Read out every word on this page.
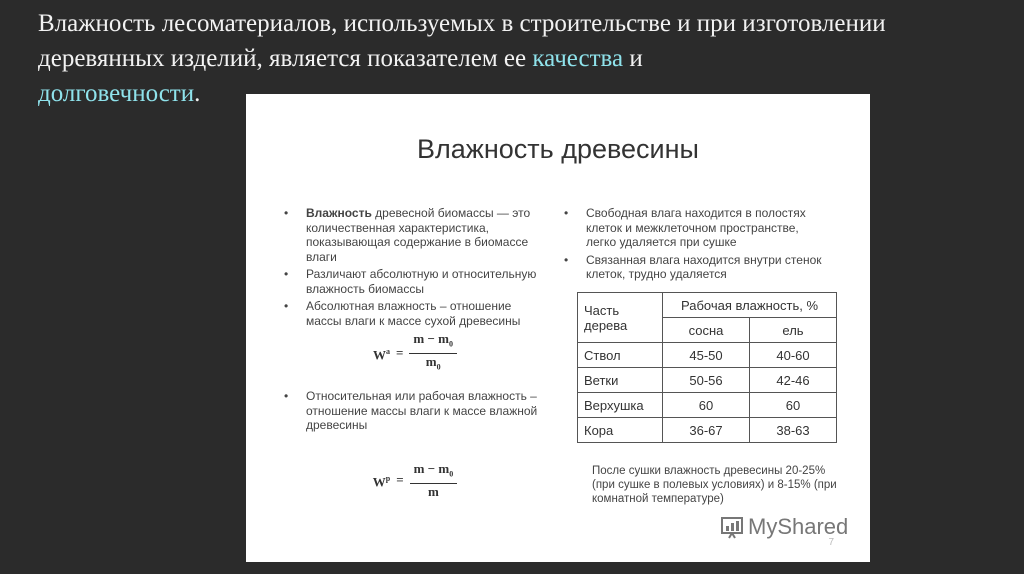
Влажность лесоматериалов, используемых в строительстве и при изготовлении деревянных изделий, является показателем ее качества и
долговечности.
Влажность древесины
• Влажность древесной биомассы — это количественная характеристика, показывающая содержание в биомассе влаги
• Различают абсолютную и относительную влажность биомассы
• Абсолютная влажность – отношение массы влаги к массе сухой древесины
$W^a = \frac{m - m_0}{m_0}$
• Относительная или рабочая влажность – отношение массы влаги к массе влажной древесины
$W^p = \frac{m - m_0}{m}$
• Свободная влага находится в полостях клеток и межклеточном пространстве, легко удаляется при сушке
• Связанная влага находится внутри стенок клеток, трудно удаляется
Часть дерева	Рабочая влажность, %	
	сосна	ель
Ствол	45-50	40-60
Ветки	50-56	42-46
Верхушка	60	60
Кора	36-67	38-63
После сушки влажность древесины 20-25% (при сушке в полевых условиях) и 8-15% (при комнатной температуре)
MyShared
7
